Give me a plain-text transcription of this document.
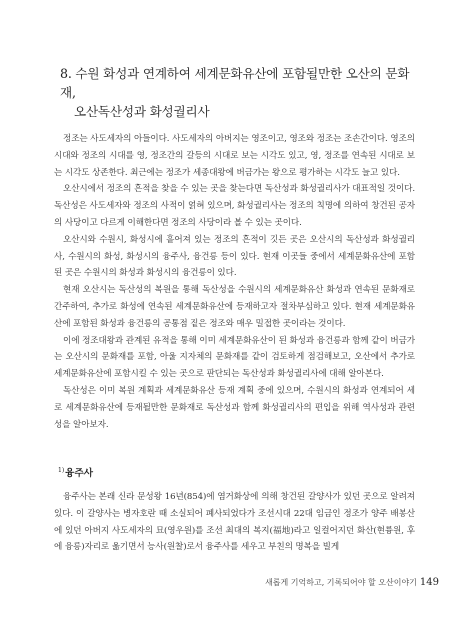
8. 수원 화성과 연계하여 세계문화유산에 포함될만한 오산의 문화재,
오산독산성과 화성궐리사

정조는 사도세자의 아들이다. 사도세자의 아버지는 영조이고, 영조와 정조는 조손간이다. 영조의 시대와 정조의 시대를 영, 정조간의 갈등의 시대로 보는 시각도 있고, 영, 정조를 연속된 시대로 보는 시각도 상존한다. 최근에는 정조가 세종대왕에 버금가는 왕으로 평가하는 시각도 늘고 있다.

오산시에서 정조의 흔적을 찾을 수 있는 곳을 찾는다면 독산성과 화성궐리사가 대표적일 것이다. 독산성은 사도세자와 정조의 사적이 얽혀 있으며, 화성궐리사는 정조의 칙명에 의하여 창건된 공자의 사당이고 다르게 이해한다면 정조의 사당이라 볼 수 있는 곳이다.

오산시와 수원시, 화성시에 흩어져 있는 정조의 흔적이 깃든 곳은 오산시의 독산성과 화성궐리사, 수원시의 화성, 화성시의 융주사, 융건릉 등이 있다. 현재 이곳들 중에서 세계문화유산에 포함된 곳은 수원시의 화성과 화성시의 융건릉이 있다.

현재 오산시는 독산성의 복원을 통해 독산성을 수원시의 세계문화유산 화성과 연속된 문화재로 간주하여, 추가로 화성에 연속된 세계문화유산에 등재하고자 절차부심하고 있다. 현재 세계문화유산에 포함된 화성과 융건릉의 공통점 짙은 정조와 매우 밀접한 곳이라는 것이다.

이에 정조대왕과 관계된 유적을 통해 이미 세계문화유산이 된 화성과 융건릉과 함께 같이 버금가는 오산시의 문화재를 포함, 아울 지자체의 문화재를 같이 검토하게 점검해보고, 오산에서 추가로 세계문화유산에 포함시킬 수 있는 곳으로 판단되는 독산성과 화성궐리사에 대해 알아본다.

독산성은 이미 복원 계획과 세계문화유산 등재 계획 중에 있으며, 수원시의 화성과 연계되어 세로 세계문화유산에 등재될만한 문화재로 독산성과 함께 화성궐리사의 편입을 위해 역사성과 관련성을 알아보자.

$^{1)}$융주사

융주사는 본래 신라 문성왕 16년(854)에 염거화상에 의해 창건된 갈양사가 있던 곳으로 알려져 있다. 이 갈양사는 병자호란 때 소실되어 폐사되었다가 조선시대 22대 임금인 정조가 양주 배봉산에 있던 아버지 사도세자의 묘(영우원)를 조선 최대의 복지(福地)라고 일컬어지던 화산(현륭원, 후에 융릉)자리로 옮기면서 능사(원찰)로서 융주사를 세우고 부친의 명복을 빌게

새롭게 기억하고, 기록되어야 할 오산이야기 149
